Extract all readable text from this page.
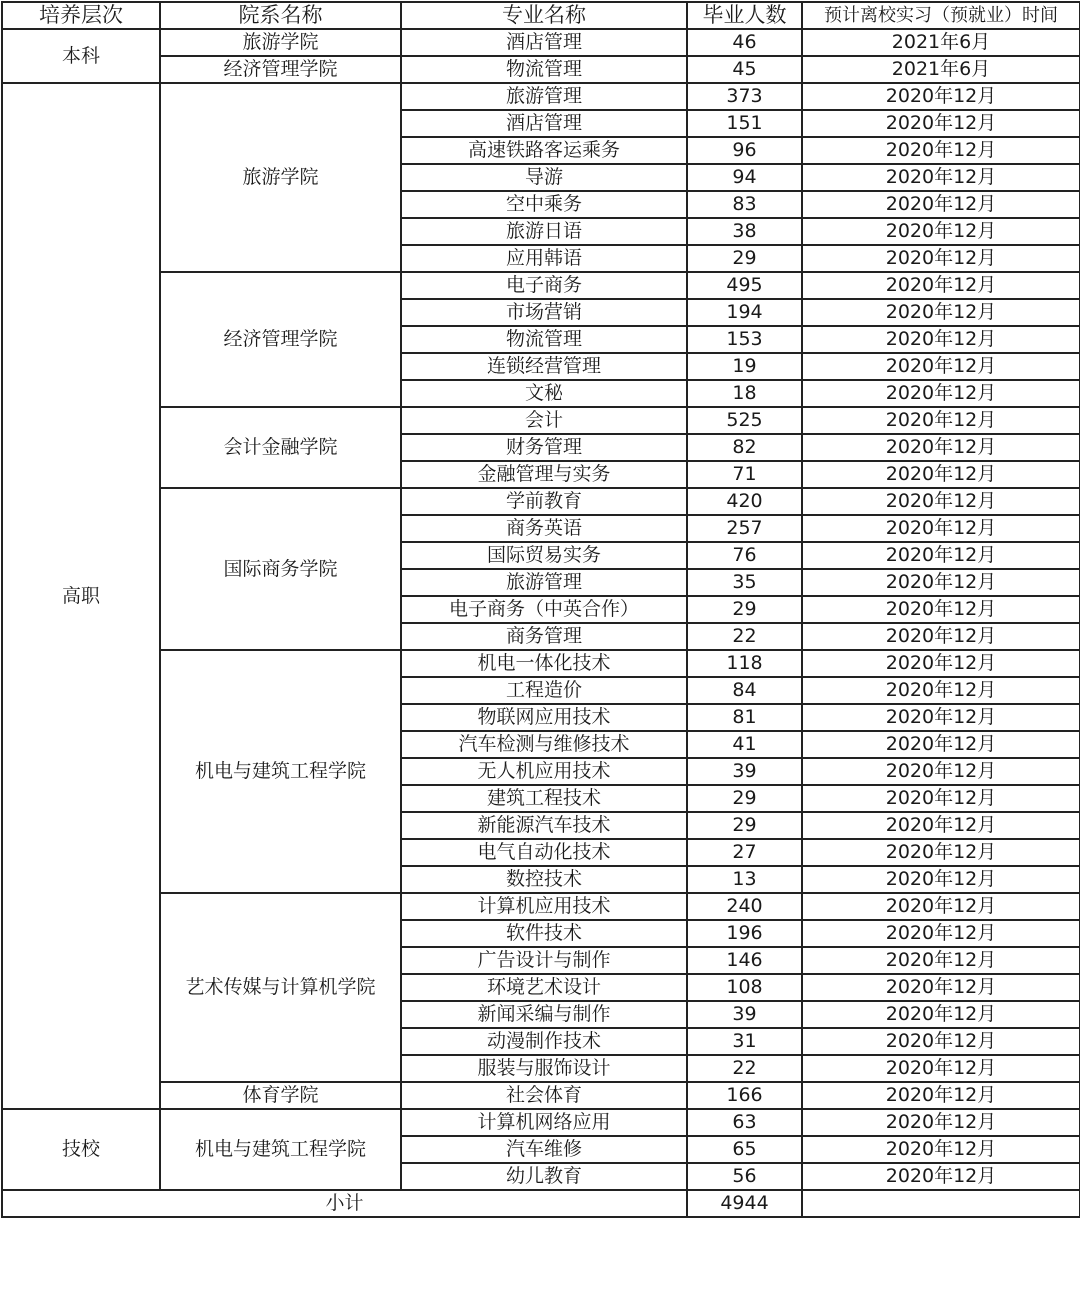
培养层次	院系名称	专业名称	毕业人数	预计离校实习（预就业）时间
本科	旅游学院	酒店管理	46	2021年6月
	经济管理学院	物流管理	45	2021年6月
高职	旅游学院	旅游管理	373	2020年12月
		酒店管理	151	2020年12月
		高速铁路客运乘务	96	2020年12月
		导游	94	2020年12月
		空中乘务	83	2020年12月
		旅游日语	38	2020年12月
		应用韩语	29	2020年12月
	经济管理学院	电子商务	495	2020年12月
		市场营销	194	2020年12月
		物流管理	153	2020年12月
		连锁经营管理	19	2020年12月
		文秘	18	2020年12月
	会计金融学院	会计	525	2020年12月
		财务管理	82	2020年12月
		金融管理与实务	71	2020年12月
	国际商务学院	学前教育	420	2020年12月
		商务英语	257	2020年12月
		国际贸易实务	76	2020年12月
		旅游管理	35	2020年12月
		电子商务（中英合作）	29	2020年12月
		商务管理	22	2020年12月
	机电与建筑工程学院	机电一体化技术	118	2020年12月
		工程造价	84	2020年12月
		物联网应用技术	81	2020年12月
		汽车检测与维修技术	41	2020年12月
		无人机应用技术	39	2020年12月
		建筑工程技术	29	2020年12月
		新能源汽车技术	29	2020年12月
		电气自动化技术	27	2020年12月
		数控技术	13	2020年12月
	艺术传媒与计算机学院	计算机应用技术	240	2020年12月
		软件技术	196	2020年12月
		广告设计与制作	146	2020年12月
		环境艺术设计	108	2020年12月
		新闻采编与制作	39	2020年12月
		动漫制作技术	31	2020年12月
		服装与服饰设计	22	2020年12月
	体育学院	社会体育	166	2020年12月
技校	机电与建筑工程学院	计算机网络应用	63	2020年12月
		汽车维修	65	2020年12月
		幼儿教育	56	2020年12月
小计			4944	
